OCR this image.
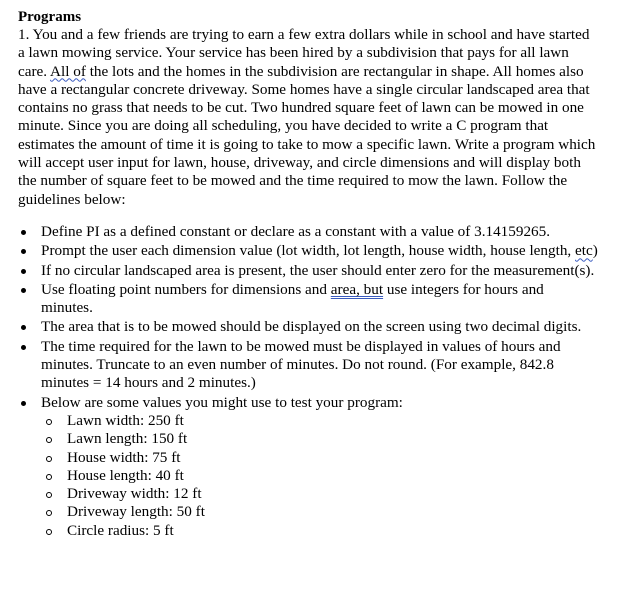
Programs

1. You and a few friends are trying to earn a few extra dollars while in school and have started a lawn mowing service. Your service has been hired by a subdivision that pays for all lawn care. All of the lots and the homes in the subdivision are rectangular in shape. All homes also have a rectangular concrete driveway. Some homes have a single circular landscaped area that contains no grass that needs to be cut. Two hundred square feet of lawn can be mowed in one minute. Since you are doing all scheduling, you have decided to write a C program that estimates the amount of time it is going to take to mow a specific lawn. Write a program which will accept user input for lawn, house, driveway, and circle dimensions and will display both the number of square feet to be mowed and the time required to mow the lawn. Follow the guidelines below:

Define PI as a defined constant or declare as a constant with a value of 3.14159265.
Prompt the user each dimension value (lot width, lot length, house width, house length, etc)
If no circular landscaped area is present, the user should enter zero for the measurement(s).
Use floating point numbers for dimensions and area, but use integers for hours and minutes.
The area that is to be mowed should be displayed on the screen using two decimal digits.
The time required for the lawn to be mowed must be displayed in values of hours and minutes. Truncate to an even number of minutes. Do not round. (For example, 842.8 minutes = 14 hours and 2 minutes.)
Below are some values you might use to test your program:
Lawn width: 250 ft
Lawn length: 150 ft
House width: 75 ft
House length: 40 ft
Driveway width: 12 ft
Driveway length: 50 ft
Circle radius: 5 ft
